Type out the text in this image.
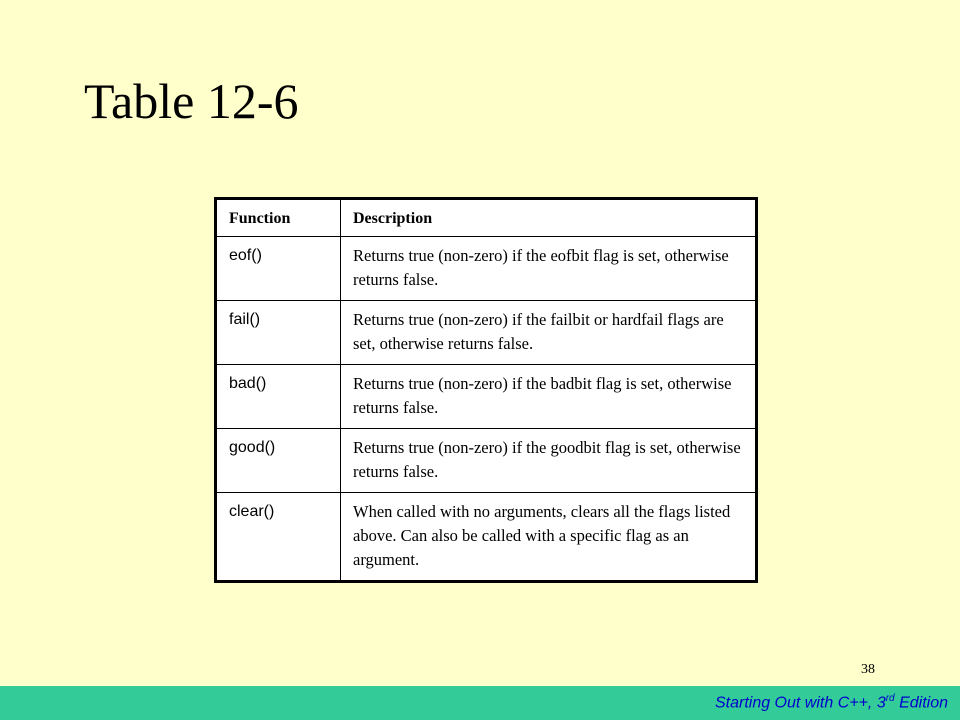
Table 12-6
Function	Description
eof()	Returns true (non-zero) if the eofbit flag is set, otherwise returns false.
fail()	Returns true (non-zero) if the failbit or hardfail flags are set, otherwise returns false.
bad()	Returns true (non-zero) if the badbit flag is set, otherwise returns false.
good()	Returns true (non-zero) if the goodbit flag is set, otherwise returns false.
clear()	When called with no arguments, clears all the flags listed above. Can also be called with a specific flag as an argument.
38
Starting Out with C++, 3rd Edition
